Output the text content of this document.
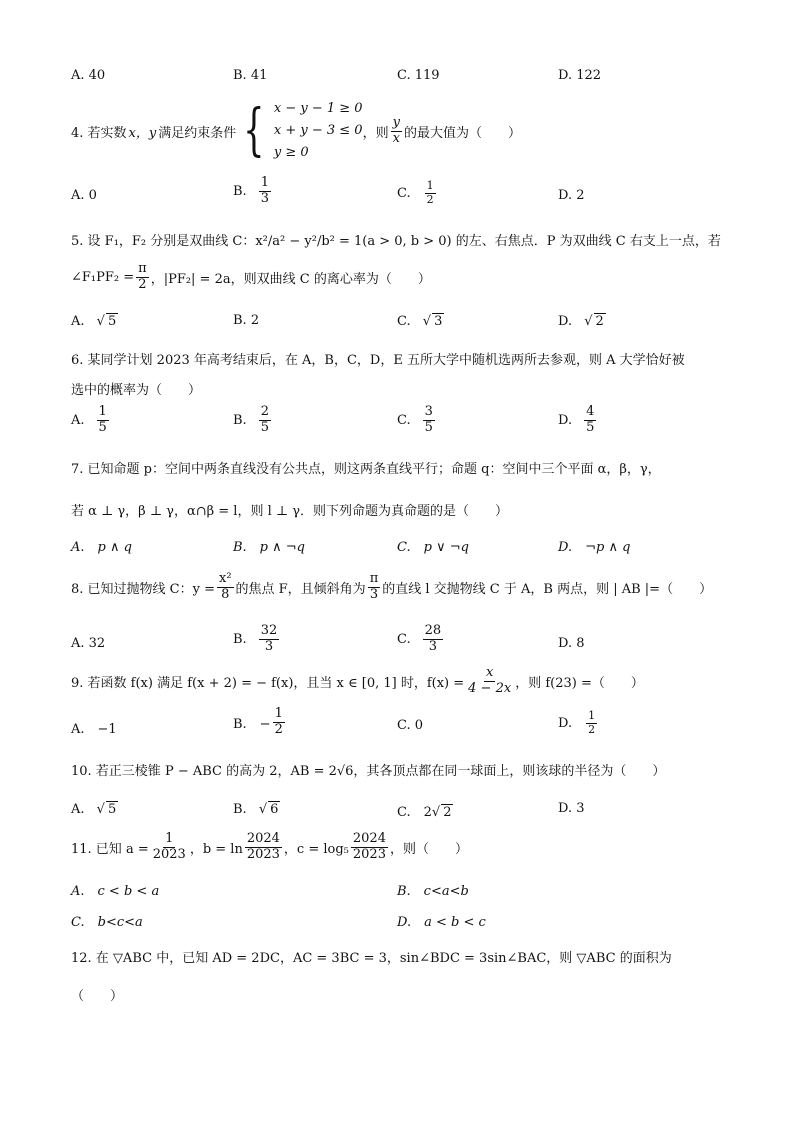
A. 40	B. 41	C. 119	D. 122
4. 若实数 x，y 满足约束条件 { x − y − 1 ≥ 0
x + y − 3 ≤ 0
y ≥ 0
，则 $\frac{y}{x}$ 的最大值为（　　）
A. 0	B. $\frac{1}{3}$	C. $\frac{1}{2}$	D. 2
5. 设 F₁，F₂ 分别是双曲线 C：x²/a² − y²/b² = 1(a > 0, b > 0) 的左、右焦点．P 为双曲线 C 右支上一点，若
∠F₁PF₂ = $\frac{\pi}{2}$ ，|PF₂| = 2a，则双曲线 C 的离心率为（　　）
A. √ 5	B. 2	C. √ 3	D. √ 2
6. 某同学计划 2023 年高考结束后，在 A，B，C，D，E 五所大学中随机选两所去参观，则 A 大学恰好被
选中的概率为（　　）
A. $\frac{1}{5}$	B. $\frac{2}{5}$	C. $\frac{3}{5}$	D. $\frac{4}{5}$
7. 已知命题 p：空间中两条直线没有公共点，则这两条直线平行；命题 q：空间中三个平面 α，β，γ，
若 α ⊥ γ，β ⊥ γ，α∩β = l，则 l ⊥ γ．则下列命题为真命题的是（　　）
A.　p ∧ q	B.　p ∧ ¬q	C.　p ∨ ¬q	D.　¬p ∧ q
8. 已知过抛物线 C：$y = \frac{\text{x²}}{8}$ 的焦点 F，且倾斜角为 $\frac{\pi}{3}$ 的直线 l 交抛物线 C 于 A，B 两点，则 | AB |=（　　）
A. 32	B. $\frac{32}{3}$	C. $\frac{28}{3}$	D. 8
9. 若函数 f(x) 满足 f(x + 2) = − f(x)，且当 x ∈ [0, 1] 时，$f(x) = \frac{x}{4 - 2x}$ ，则 f(23) =（　　）
A.　−1	B.　− $\frac{1}{2}$	C. 0	D. $\frac{1}{2}$
10. 若正三棱锥 P − ABC 的高为 2，AB = 2√6，其各顶点都在同一球面上，则该球的半径为（　　）
A. √ 5	B. √ 6	C.　2√ 2	D. 3
11. 已知 $a = \frac{1}{2023}$ ，$b = \ln \frac{2024}{2023}$ ，$c = \log_5 \frac{2024}{2023}$ ，则（　　）
A.　c < b < a	B.　c<a<b
C.　b<c<a	D.　a < b < c
12. 在 ▽ABC 中，已知 AD = 2DC，AC = 3BC = 3，sin∠BDC = 3sin∠BAC，则 ▽ABC 的面积为
（　　）
